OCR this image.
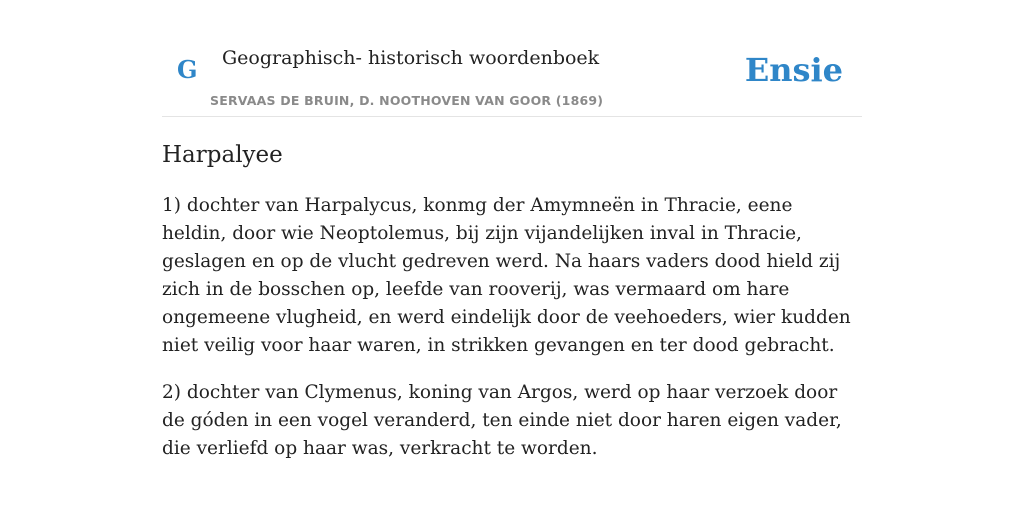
G Geographisch- historisch woordenboek
SERVAAS DE BRUIN, D. NOOTHOVEN VAN GOOR (1869)
Ensie
Harpalyee

1) dochter van Harpalycus, konmg der Amymneën in Thracie, eene heldin, door wie Neoptolemus, bij zijn vijandelijken inval in Thracie, geslagen en op de vlucht gedreven werd. Na haars vaders dood hield zij zich in de bosschen op, leefde van rooverij, was vermaard om hare ongemeene vlugheid, en werd eindelijk door de veehoeders, wier kudden niet veilig voor haar waren, in strikken gevangen en ter dood gebracht.

2) dochter van Clymenus, koning van Argos, werd op haar verzoek door de góden in een vogel veranderd, ten einde niet door haren eigen vader, die verliefd op haar was, verkracht te worden.
